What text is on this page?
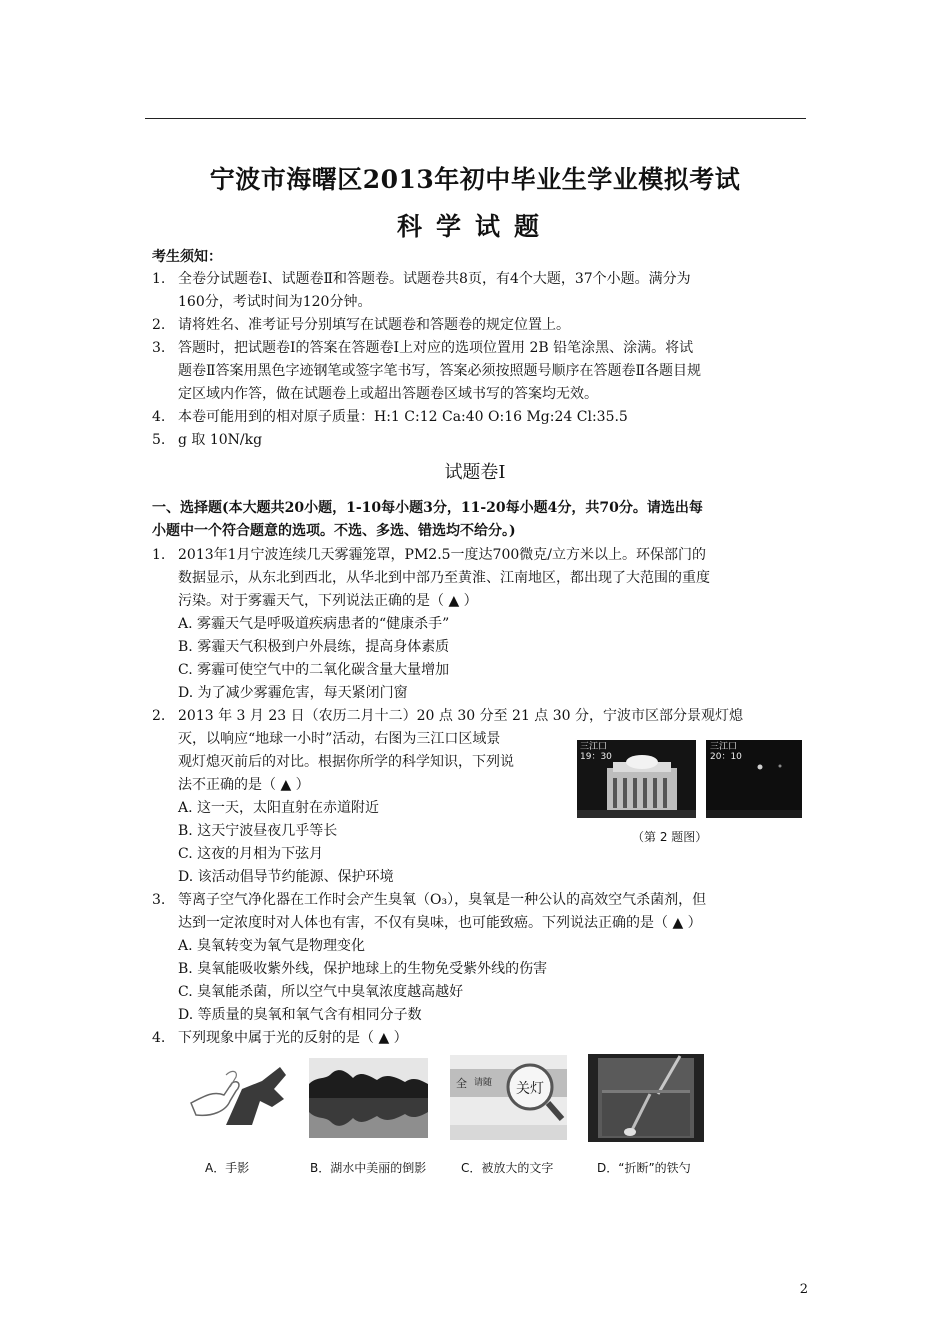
宁波市海曙区2013年初中毕业生学业模拟考试
科学试题
考生须知：
1. 全卷分试题卷Ⅰ、试题卷Ⅱ和答题卷。试题卷共8页，有4个大题，37个小题。满分为
160分，考试时间为120分钟。
2. 请将姓名、准考证号分别填写在试题卷和答题卷的规定位置上。
3. 答题时，把试题卷Ⅰ的答案在答题卷Ⅰ上对应的选项位置用 2B 铅笔涂黑、涂满。将试
题卷Ⅱ答案用黑色字迹钢笔或签字笔书写，答案必须按照题号顺序在答题卷Ⅱ各题目规
定区域内作答，做在试题卷上或超出答题卷区域书写的答案均无效。
4. 本卷可能用到的相对原子质量：H:1 C:12 Ca:40 O:16 Mg:24 Cl:35.5
5. g 取 10N/kg
试题卷Ⅰ
一、选择题(本大题共20小题，1-10每小题3分，11-20每小题4分，共70分。请选出每
小题中一个符合题意的选项。不选、多选、错选均不给分。)
1. 2013年1月宁波连续几天雾霾笼罩，PM2.5一度达700微克/立方米以上。环保部门的
数据显示，从东北到西北，从华北到中部乃至黄淮、江南地区，都出现了大范围的重度
污染。对于雾霾天气，下列说法正确的是（ ▲ ）
A. 雾霾天气是呼吸道疾病患者的“健康杀手”
B. 雾霾天气积极到户外晨练，提高身体素质
C. 雾霾可使空气中的二氧化碳含量大量增加
D. 为了减少雾霾危害，每天紧闭门窗
2. 2013 年 3 月 23 日（农历二月十二）20 点 30 分至 21 点 30 分，宁波市区部分景观灯熄
灭，以响应“地球一小时”活动，右图为三江口区域景
观灯熄灭前后的对比。根据你所学的科学知识，下列说
法不正确的是（ ▲ ）
A. 这一天，太阳直射在赤道附近
B. 这天宁波昼夜几乎等长
C. 这夜的月相为下弦月
D. 该活动倡导节约能源、保护环境
三江口
19：30
三江口
20：10
（第 2 题图）
3. 等离子空气净化器在工作时会产生臭氧（O₃），臭氧是一种公认的高效空气杀菌剂，但
达到一定浓度时对人体也有害，不仅有臭味，也可能致癌。下列说法正确的是（ ▲ ）
A. 臭氧转变为氧气是物理变化
B. 臭氧能吸收紫外线，保护地球上的生物免受紫外线的伤害
C. 臭氧能杀菌，所以空气中臭氧浓度越高越好
D. 等质量的臭氧和氧气含有相同分子数
4. 下列现象中属于光的反射的是（ ▲ ）
全 请随 关灯
A．手影	B．湖水中美丽的倒影	C．被放大的文字	D．“折断”的铁勺
2
